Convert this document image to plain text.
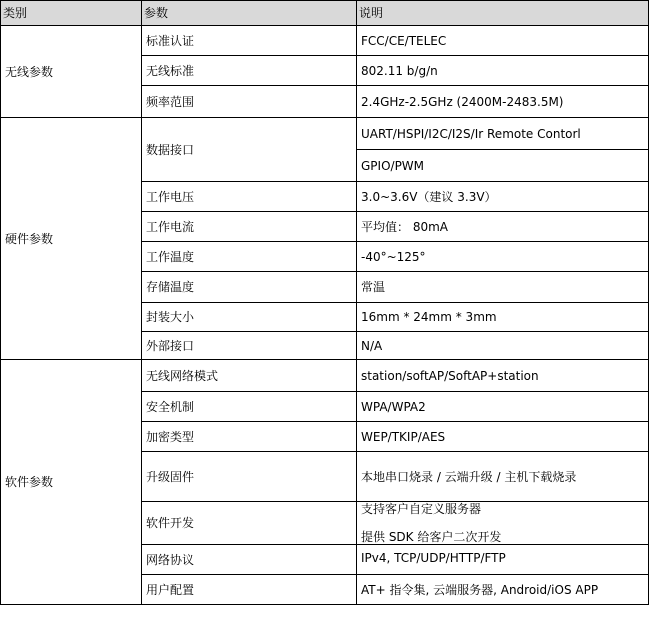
类别	参数	说明
无线参数	标准认证	FCC/CE/TELEC
	无线标准	802.11 b/g/n
	频率范围	2.4GHz-2.5GHz (2400M-2483.5M)
硬件参数	数据接口	UART/HSPI/I2C/I2S/Ir Remote Contorl
		GPIO/PWM
	工作电压	3.0~3.6V（建议 3.3V）
	工作电流	平均值： 80mA
	工作温度	-40°~125°
	存储温度	常温
	封装大小	16mm * 24mm * 3mm
	外部接口	N/A
软件参数	无线网络模式	station/softAP/SoftAP+station
	安全机制	WPA/WPA2
	加密类型	WEP/TKIP/AES
	升级固件	本地串口烧录 / 云端升级 / 主机下载烧录
	软件开发	支持客户自定义服务器
提供 SDK 给客户二次开发

	网络协议	IPv4, TCP/UDP/HTTP/FTP
	用户配置	AT+ 指令集, 云端服务器, Android/iOS APP
